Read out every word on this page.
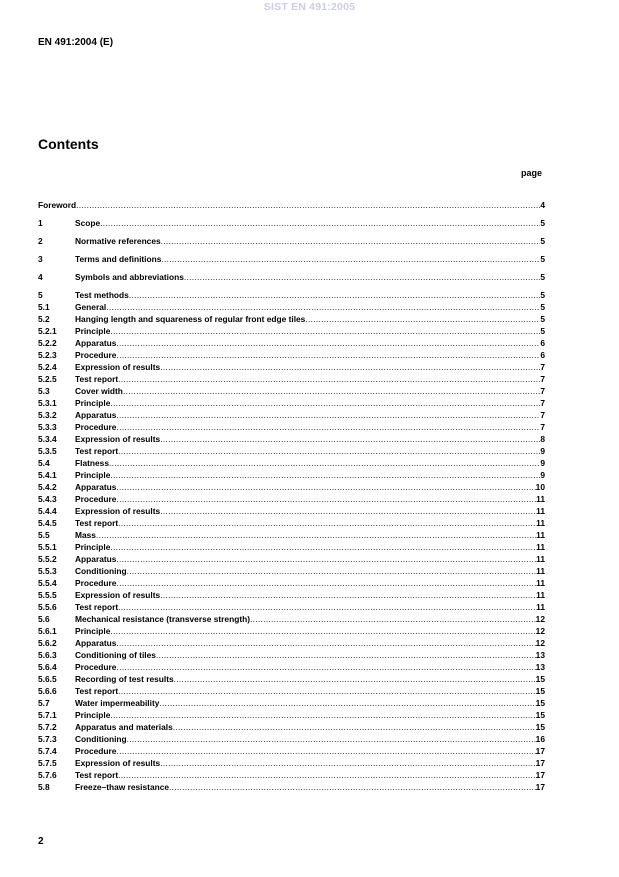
SIST EN 491:2005
EN 491:2004 (E)
Contents
page
Foreword .....	4
1	Scope .....	5
2	Normative references .....	5
3	Terms and definitions .....	5
4	Symbols and abbreviations .....	5
5	Test methods .....	5
5.1	General .....	5
5.2	Hanging length and squareness of regular front edge tiles .....	5
5.2.1 Principle .....	5
5.2.2 Apparatus .....	6
5.2.3 Procedure .....	6
5.2.4 Expression of results .....	7
5.2.5 Test report .....	7
5.3	Cover width .....	7
5.3.1 Principle .....	7
5.3.2 Apparatus .....	7
5.3.3 Procedure .....	7
5.3.4 Expression of results .....	8
5.3.5 Test report .....	9
5.4	Flatness .....	9
5.4.1 Principle .....	9
5.4.2 Apparatus .....	10
5.4.3 Procedure .....	11
5.4.4 Expression of results .....	11
5.4.5 Test report .....	11
5.5	Mass .....	11
5.5.1 Principle .....	11
5.5.2 Apparatus .....	11
5.5.3 Conditioning .....	11
5.5.4 Procedure .....	11
5.5.5 Expression of results .....	11
5.5.6 Test report .....	11
5.6	Mechanical resistance (transverse strength) .....	12
5.6.1 Principle .....	12
5.6.2 Apparatus .....	12
5.6.3 Conditioning of tiles .....	13
5.6.4 Procedure .....	13
5.6.5 Recording of test results .....	15
5.6.6 Test report .....	15
5.7	Water impermeability .....	15
5.7.1 Principle .....	15
5.7.2 Apparatus and materials .....	15
5.7.3 Conditioning .....	16
5.7.4 Procedure .....	17
5.7.5 Expression of results .....	17
5.7.6 Test report .....	17
5.8	Freeze–thaw resistance .....	17
2
